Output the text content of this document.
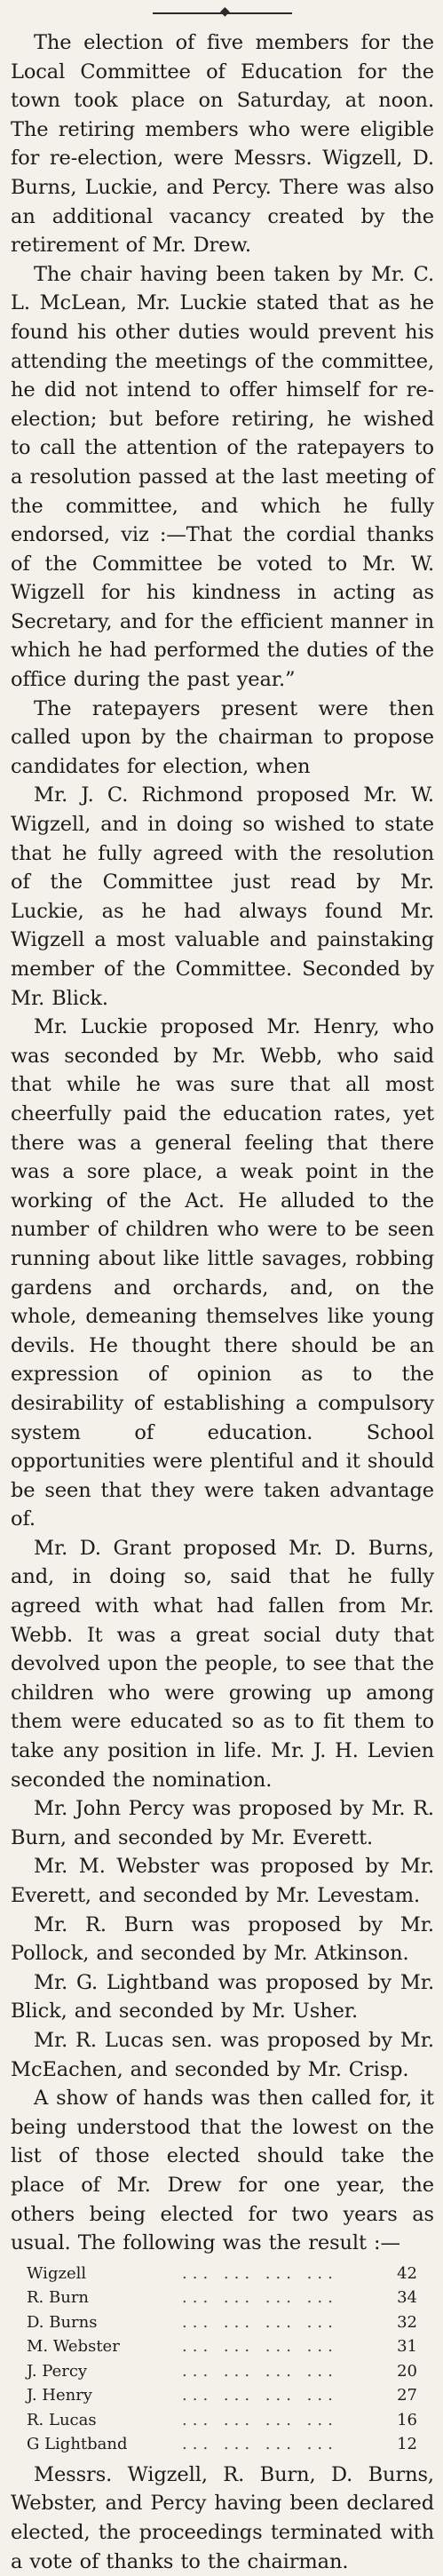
◆

The election of five members for the Local Committee of Education for the town took place on Saturday, at noon. The retiring members who were eligible for re-election, were Messrs. Wigzell, D. Burns, Luckie, and Percy. There was also an additional vacancy created by the retirement of Mr. Drew.

The chair having been taken by Mr. C. L. McLean, Mr. Luckie stated that as he found his other duties would prevent his attending the meetings of the committee, he did not intend to offer himself for re-election; but before retiring, he wished to call the attention of the ratepayers to a resolution passed at the last meeting of the committee, and which he fully endorsed, viz :—That the cordial thanks of the Committee be voted to Mr. W. Wigzell for his kindness in acting as Secretary, and for the efficient manner in which he had performed the duties of the office during the past year.”

The ratepayers present were then called upon by the chairman to propose candidates for election, when

Mr. J. C. Richmond proposed Mr. W. Wigzell, and in doing so wished to state that he fully agreed with the resolution of the Committee just read by Mr. Luckie, as he had always found Mr. Wigzell a most valuable and painstaking member of the Committee. Seconded by Mr. Blick.

Mr. Luckie proposed Mr. Henry, who was seconded by Mr. Webb, who said that while he was sure that all most cheerfully paid the education rates, yet there was a general feeling that there was a sore place, a weak point in the working of the Act. He alluded to the number of children who were to be seen running about like little savages, robbing gardens and orchards, and, on the whole, demeaning themselves like young devils. He thought there should be an expression of opinion as to the desirability of establishing a compulsory system of education. School opportunities were plentiful and it should be seen that they were taken advantage of.

Mr. D. Grant proposed Mr. D. Burns, and, in doing so, said that he fully agreed with what had fallen from Mr. Webb. It was a great social duty that devolved upon the people, to see that the children who were growing up among them were educated so as to fit them to take any position in life. Mr. J. H. Levien seconded the nomination.

Mr. John Percy was proposed by Mr. R. Burn, and seconded by Mr. Everett.

Mr. M. Webster was proposed by Mr. Everett, and seconded by Mr. Levestam.

Mr. R. Burn was proposed by Mr. Pollock, and seconded by Mr. Atkinson.

Mr. G. Lightband was proposed by Mr. Blick, and seconded by Mr. Usher.

Mr. R. Lucas sen. was proposed by Mr. McEachen, and seconded by Mr. Crisp.

A show of hands was then called for, it being understood that the lowest on the list of those elected should take the place of Mr. Drew for one year, the others being elected for two years as usual. The following was the result :—

Wigzell	... ... ... ...	42
R. Burn	... ... ... ...	34
D. Burns	... ... ... ...	32
M. Webster	... ... ... ...	31
J. Percy	... ... ... ...	20
J. Henry	... ... ... ...	27
R. Lucas	... ... ... ...	16
G Lightband	... ... ... ...	12

Messrs. Wigzell, R. Burn, D. Burns, Webster, and Percy having been declared elected, the proceedings terminated with a vote of thanks to the chairman.
